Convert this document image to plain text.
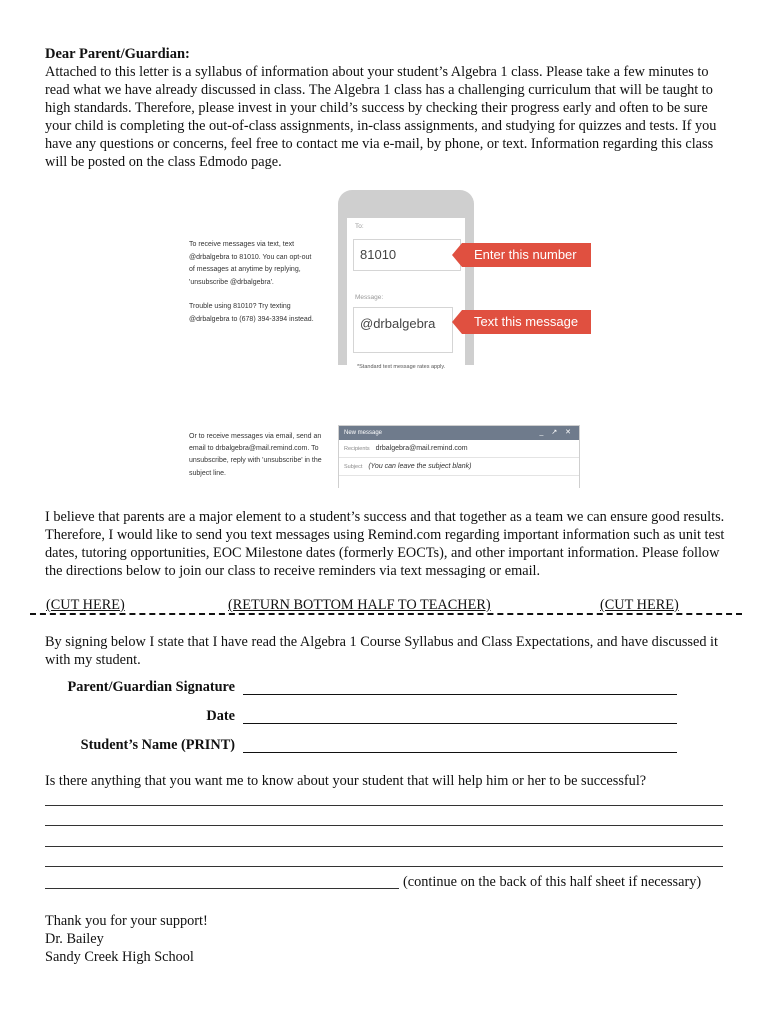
Dear Parent/Guardian:
Attached to this letter is a syllabus of information about your student’s Algebra 1 class. Please take a few minutes to read what we have already discussed in class. The Algebra 1 class has a challenging curriculum that will be taught to high standards. Therefore, please invest in your child’s success by checking their progress early and often to be sure your child is completing the out-of-class assignments, in-class assignments, and studying for quizzes and tests. If you have any questions or concerns, feel free to contact me via e-mail, by phone, or text. Information regarding this class will be posted on the class Edmodo page.
To receive messages via text, text @drbalgebra to 81010. You can opt-out of messages at anytime by replying, 'unsubscribe @drbalgebra'.
Trouble using 81010? Try texting @drbalgebra to (678) 394-3394 instead.
To:
81010
Message:
@drbalgebra
Enter this number
Text this message
*Standard text message rates apply.
Or to receive messages via email, send an email to drbalgebra@mail.remind.com. To unsubscribe, reply with 'unsubscribe' in the subject line.
New message	_ ↗ ✕
Recipients drbalgebra@mail.remind.com
Subject (You can leave the subject blank)
I believe that parents are a major element to a student’s success and that together as a team we can ensure good results. Therefore, I would like to send you text messages using Remind.com regarding important information such as unit test dates, tutoring opportunities, EOC Milestone dates (formerly EOCTs), and other important information. Please follow the directions below to join our class to receive reminders via text messaging or email.
(CUT HERE)	(RETURN BOTTOM HALF TO TEACHER)	(CUT HERE)
By signing below I state that I have read the Algebra 1 Course Syllabus and Class Expectations, and have discussed it with my student.
Parent/Guardian Signature
Date
Student’s Name (PRINT)
Is there anything that you want me to know about your student that will help him or her to be successful?
(continue on the back of this half sheet if necessary)
Thank you for your support!
Dr. Bailey
Sandy Creek High School
